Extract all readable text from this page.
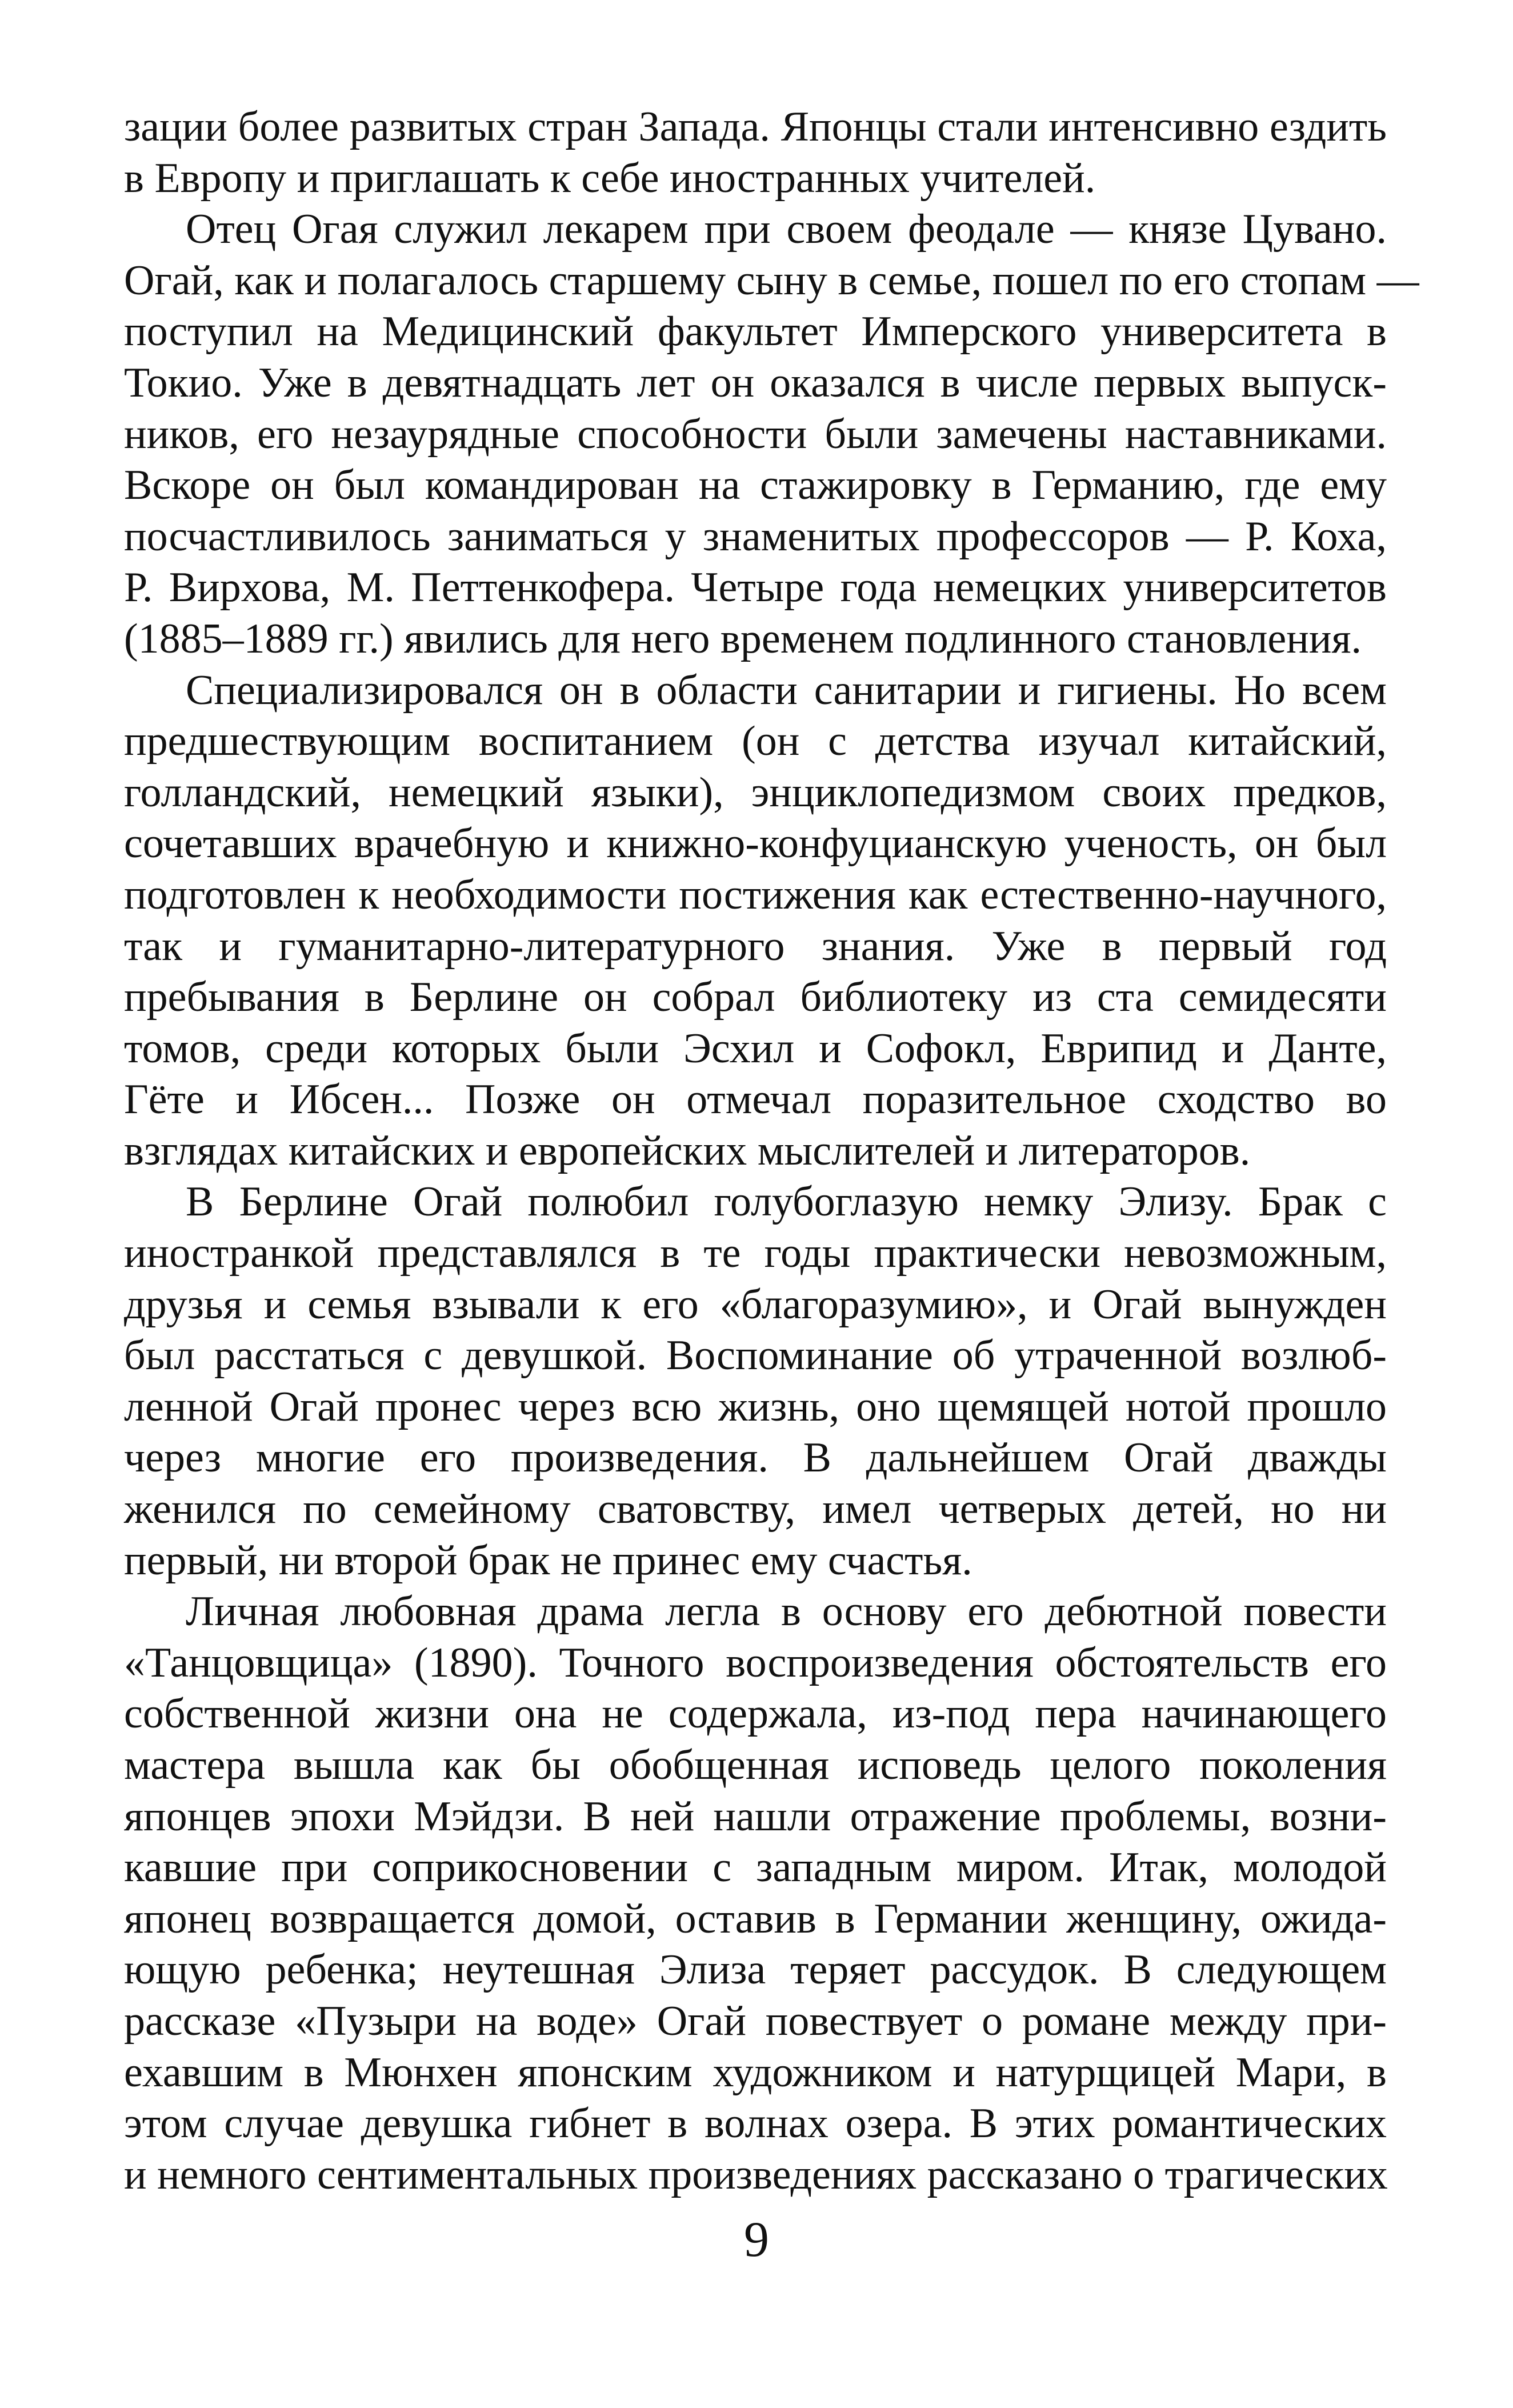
зации более развитых стран Запада. Японцы стали интенсивно ездить
в Европу и приглашать к себе иностранных учителей.

Отец Огая служил лекарем при своем феодале — князе Цувано.
Огай, как и полагалось старшему сыну в семье, пошел по его стопам —
поступил на Медицинский факультет Имперского университета в
Токио. Уже в девятнадцать лет он оказался в числе первых выпуск-
ников, его незаурядные способности были замечены наставниками.
Вскоре он был командирован на стажировку в Германию, где ему
посчастливилось заниматься у знаменитых профессоров — Р. Коха,
Р. Вирхова, М. Петтенкофера. Четыре года немецких университетов
(1885–1889 гг.) явились для него временем подлинного становления.

Специализировался он в области санитарии и гигиены. Но всем
предшествующим воспитанием (он с детства изучал китайский,
голландский, немецкий языки), энциклопедизмом своих предков,
сочетавших врачебную и книжно-конфуцианскую ученость, он был
подготовлен к необходимости постижения как естественно-научного,
так и гуманитарно-литературного знания. Уже в первый год
пребывания в Берлине он собрал библиотеку из ста семидесяти
томов, среди которых были Эсхил и Софокл, Еврипид и Данте,
Гёте и Ибсен... Позже он отмечал поразительное сходство во
взглядах китайских и европейских мыслителей и литераторов.

В Берлине Огай полюбил голубоглазую немку Элизу. Брак с
иностранкой представлялся в те годы практически невозможным,
друзья и семья взывали к его «благоразумию», и Огай вынужден
был расстаться с девушкой. Воспоминание об утраченной возлюб-
ленной Огай пронес через всю жизнь, оно щемящей нотой прошло
через многие его произведения. В дальнейшем Огай дважды
женился по семейному сватовству, имел четверых детей, но ни
первый, ни второй брак не принес ему счастья.

Личная любовная драма легла в основу его дебютной повести
«Танцовщица» (1890). Точного воспроизведения обстоятельств его
собственной жизни она не содержала, из-под пера начинающего
мастера вышла как бы обобщенная исповедь целого поколения
японцев эпохи Мэйдзи. В ней нашли отражение проблемы, возни-
кавшие при соприкосновении с западным миром. Итак, молодой
японец возвращается домой, оставив в Германии женщину, ожида-
ющую ребенка; неутешная Элиза теряет рассудок. В следующем
рассказе «Пузыри на воде» Огай повествует о романе между при-
ехавшим в Мюнхен японским художником и натурщицей Мари, в
этом случае девушка гибнет в волнах озера. В этих романтических
и немного сентиментальных произведениях рассказано о трагических

9
